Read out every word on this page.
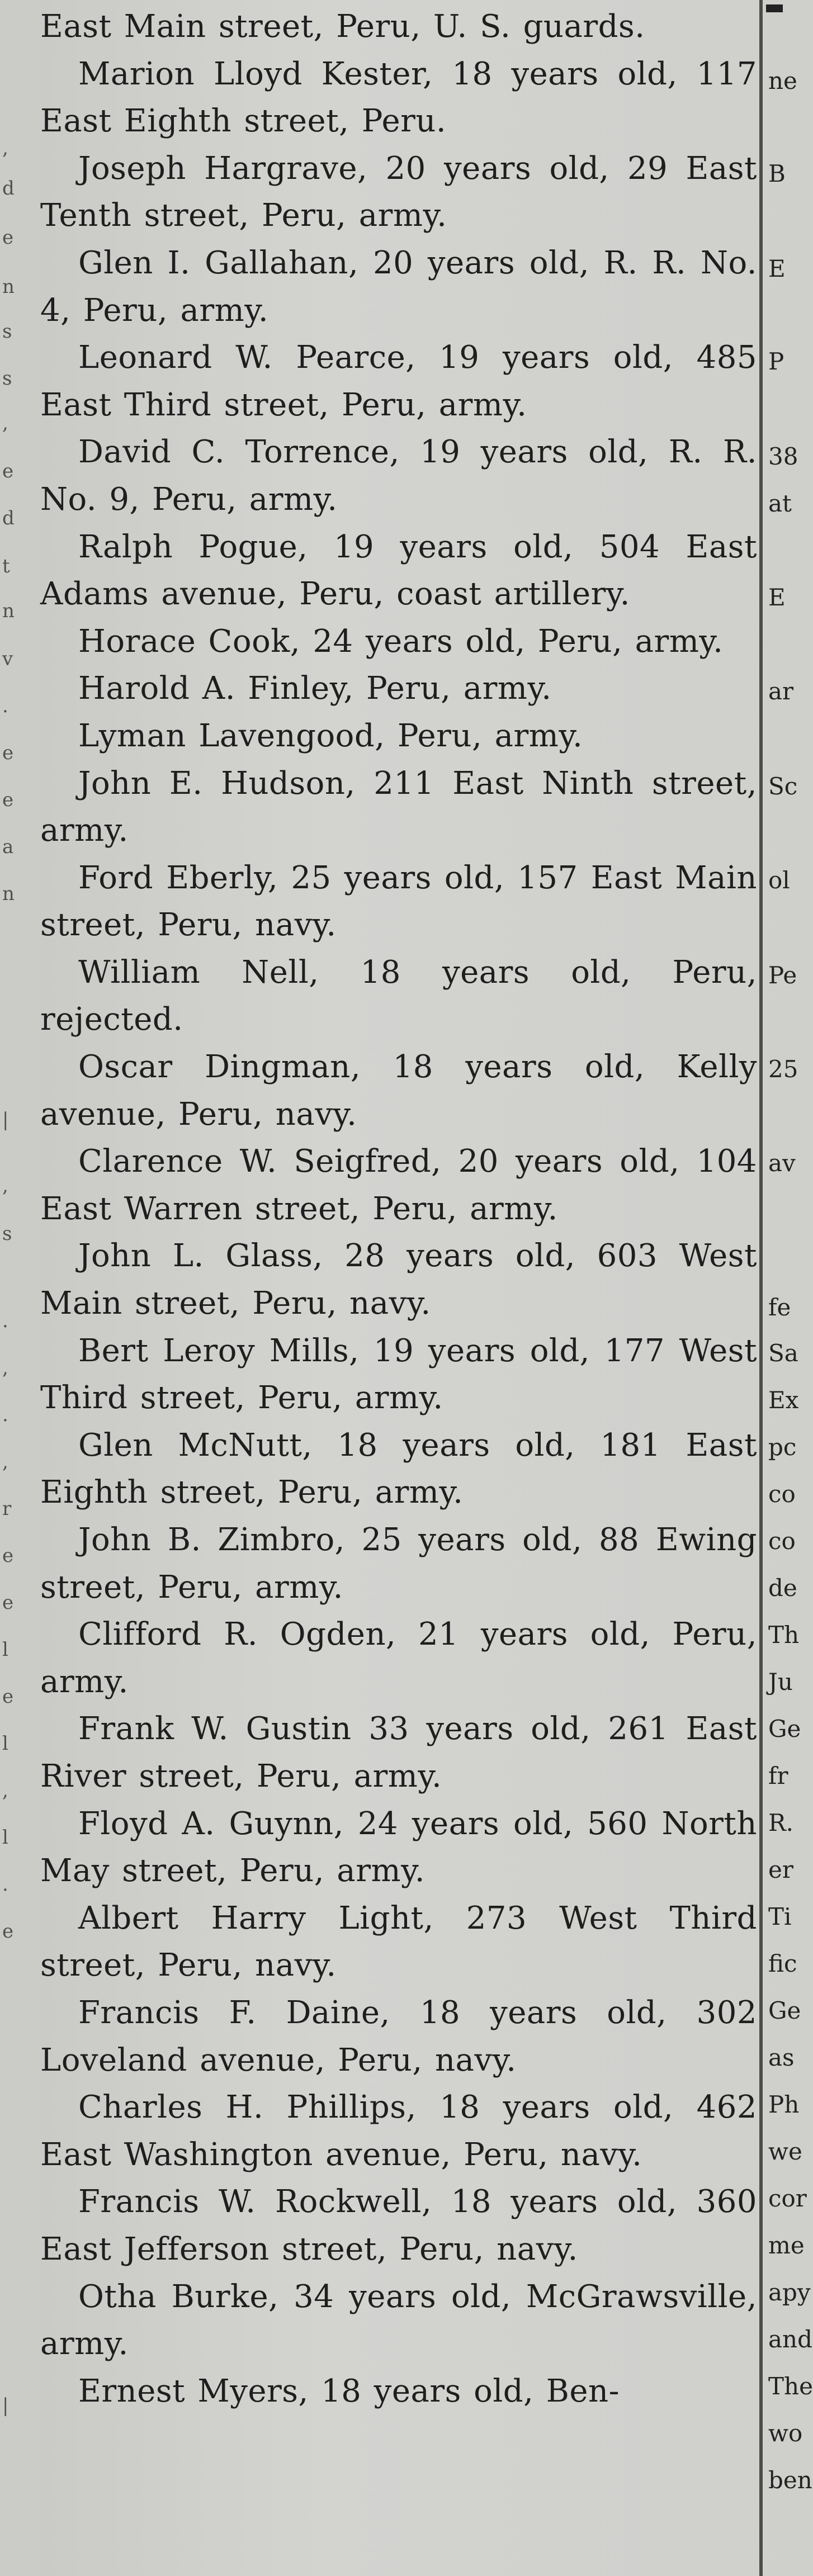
,
d
e
n
s
s
,
e
d
t
n
v
.
e
e
a
n
|
,
s
.
,
.
,
r
e
e
l
e
l
,
l
.
e
|

East Main street, Peru, U. S. guards.

Marion Lloyd Kester, 18 years old, 117 East Eighth street, Peru.

Joseph Hargrave, 20 years old, 29 East Tenth street, Peru, army.

Glen I. Gallahan, 20 years old, R. R. No. 4, Peru, army.

Leonard W. Pearce, 19 years old, 485 East Third street, Peru, army.

David C. Torrence, 19 years old, R. R. No. 9, Peru, army.

Ralph Pogue, 19 years old, 504 East Adams avenue, Peru, coast artillery.

Horace Cook, 24 years old, Peru, army.

Harold A. Finley, Peru, army.

Lyman Lavengood, Peru, army.

John E. Hudson, 211 East Ninth street, army.

Ford Eberly, 25 years old, 157 East Main street, Peru, navy.

William Nell, 18 years old, Peru, rejected.

Oscar Dingman, 18 years old, Kelly avenue, Peru, navy.

Clarence W. Seigfred, 20 years old, 104 East Warren street, Peru, army.

John L. Glass, 28 years old, 603 West Main street, Peru, navy.

Bert Leroy Mills, 19 years old, 177 West Third street, Peru, army.

Glen McNutt, 18 years old, 181 East Eighth street, Peru, army.

John B. Zimbro, 25 years old, 88 Ewing street, Peru, army.

Clifford R. Ogden, 21 years old, Peru, army.

Frank W. Gustin 33 years old, 261 East River street, Peru, army.

Floyd A. Guynn, 24 years old, 560 North May street, Peru, army.

Albert Harry Light, 273 West Third street, Peru, navy.

Francis F. Daine, 18 years old, 302 Loveland avenue, Peru, navy.

Charles H. Phillips, 18 years old, 462 East Washington avenue, Peru, navy.

Francis W. Rockwell, 18 years old, 360 East Jefferson street, Peru, navy.

Otha Burke, 34 years old, McGrawsville, army.

Ernest Myers, 18 years old, Ben-

ne
B
E
P
38
at
E
ar
Sc
ol
Pe
25
av
fe
Sa
Ex
pc
co
co
de
Th
Ju
Ge
fr
R.
er
Ti
fic
Ge
as
Ph
we
cor
me
apy
and
The
wo
ben
